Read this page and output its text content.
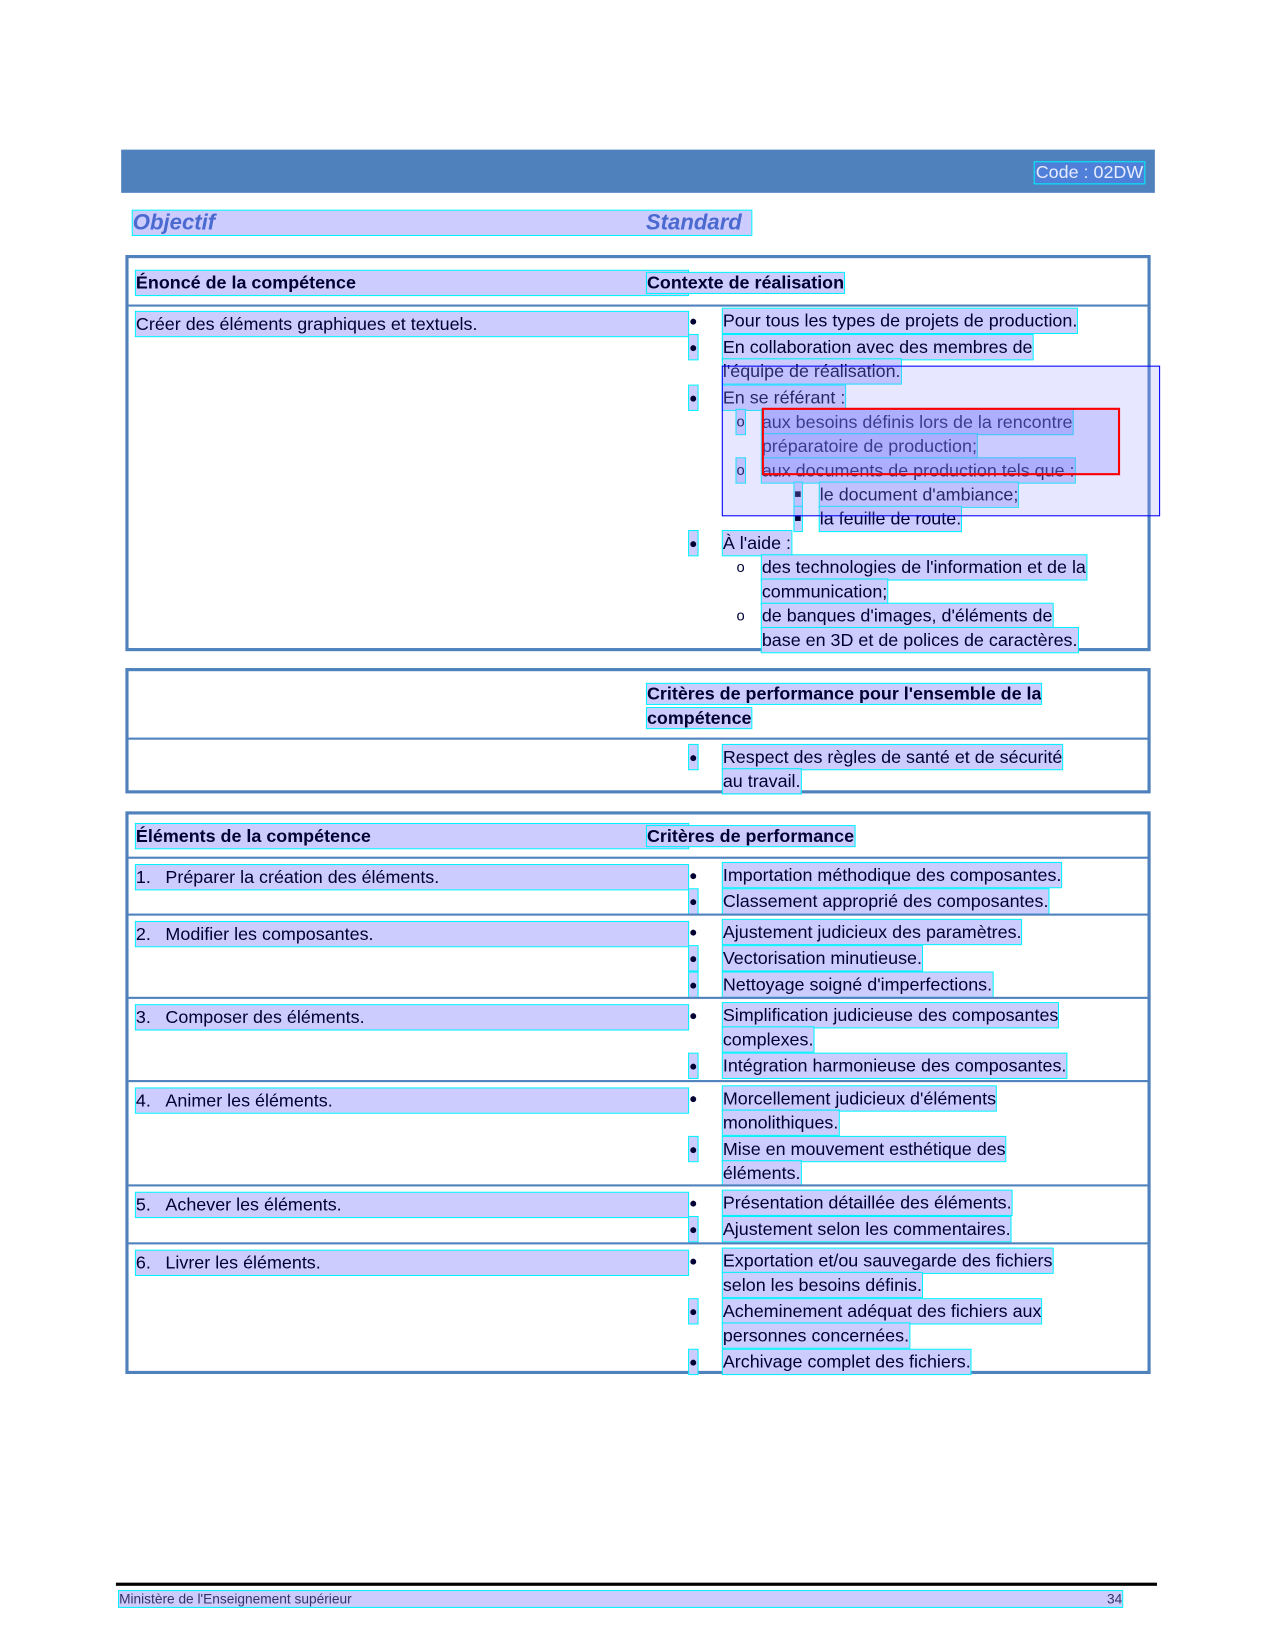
Code : 02DW
Objectif	Standard
Énoncé de la compétence	Contexte de réalisation
Créer des éléments graphiques et textuels.	● Pour tous les types de projets de production.
● En collaboration avec des membres de
l'équipe de réalisation.
● En se référant :
o aux besoins définis lors de la rencontre
préparatoire de production;
o aux documents de production tels que :
■ le document d'ambiance;
■ la feuille de route.
● À l'aide :
o des technologies de l'information et de la
communication;
o de banques d'images, d'éléments de
base en 3D et de polices de caractères.
Critères de performance pour l'ensemble de la
compétence
● Respect des règles de santé et de sécurité
au travail.
Éléments de la compétence	Critères de performance
1. Préparer la création des éléments.	● Importation méthodique des composantes.
● Classement approprié des composantes.
2. Modifier les composantes.	● Ajustement judicieux des paramètres.
● Vectorisation minutieuse.
● Nettoyage soigné d'imperfections.
3. Composer des éléments.	● Simplification judicieuse des composantes
complexes.
● Intégration harmonieuse des composantes.
4. Animer les éléments.	● Morcellement judicieux d'éléments
monolithiques.
● Mise en mouvement esthétique des
éléments.
5. Achever les éléments.	● Présentation détaillée des éléments.
● Ajustement selon les commentaires.
6. Livrer les éléments.	● Exportation et/ou sauvegarde des fichiers
selon les besoins définis.
● Acheminement adéquat des fichiers aux
personnes concernées.
● Archivage complet des fichiers.
Ministère de l'Enseignement supérieur	34
